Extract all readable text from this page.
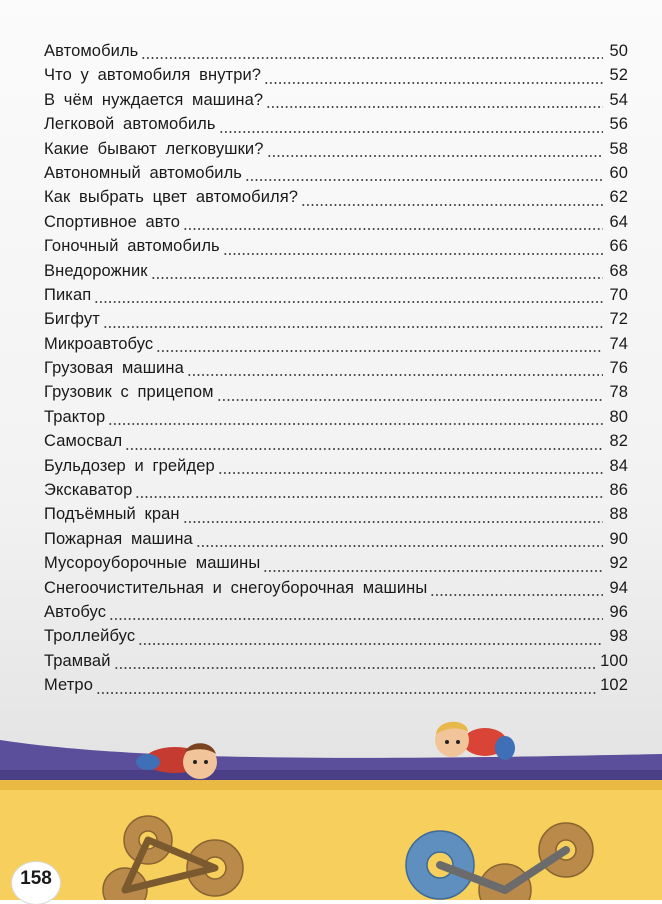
Автомобиль	50
Что у автомобиля внутри?	52
В чём нуждается машина?	54
Легковой автомобиль	56
Какие бывают легковушки?	58
Автономный автомобиль	60
Как выбрать цвет автомобиля?	62
Спортивное авто	64
Гоночный автомобиль	66
Внедорожник	68
Пикап	70
Бигфут	72
Микроавтобус	74
Грузовая машина	76
Грузовик с прицепом	78
Трактор	80
Самосвал	82
Бульдозер и грейдер	84
Экскаватор	86
Подъёмный кран	88
Пожарная машина	90
Мусороуборочные машины	92
Снегоочистительная и снегоуборочная машины	94
Автобус	96
Троллейбус	98
Трамвай	100
Метро	102
158
